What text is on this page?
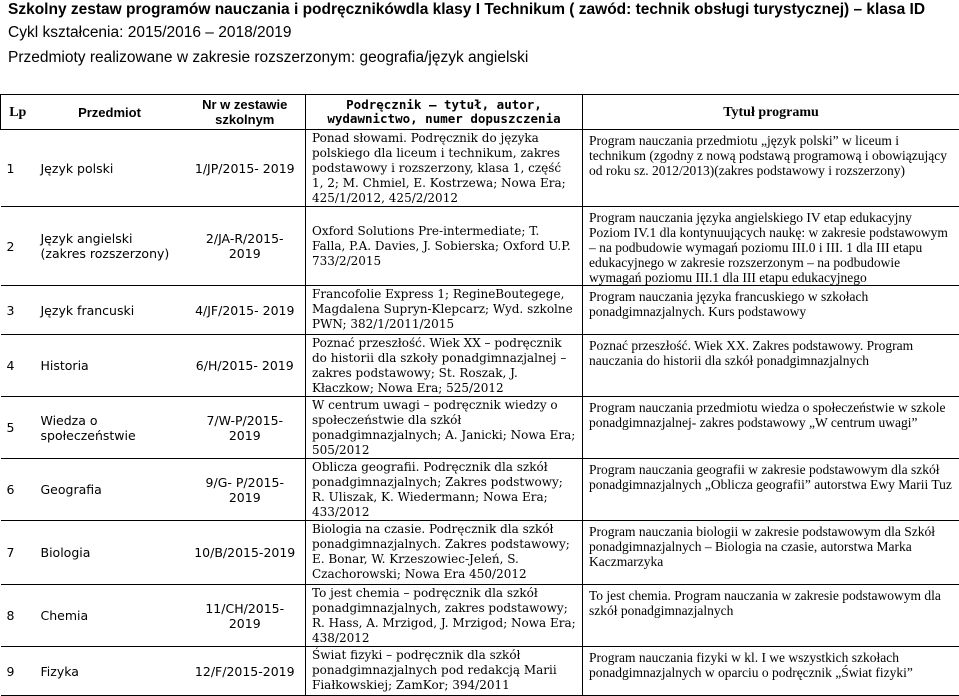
Szkolny zestaw programów nauczania i podręcznikówdla klasy I Technikum ( zawód: technik obsługi turystycznej) – klasa ID
Cykl kształcenia: 2015/2016 – 2018/2019
Przedmioty realizowane w zakresie rozszerzonym: geografia/język angielski
Lp	Przedmiot	Nr w zestawie szkolnym	Podręcznik – tytuł, autor, wydawnictwo, numer dopuszczenia	Tytuł programu
1	Język polski	1/JP/2015- 2019	Ponad słowami. Podręcznik do języka polskiego dla liceum i technikum, zakres podstawowy i rozszerzony, klasa 1, część 1, 2; M. Chmiel, E. Kostrzewa; Nowa Era; 425/1/2012, 425/2/2012	Program nauczania przedmiotu „język polski” w liceum i technikum (zgodny z nową podstawą programową i obowiązujący od roku sz. 2012/2013)(zakres podstawowy i rozszerzony)
2	Język angielski (zakres rozszerzony)	2/JA-R/2015-2019	Oxford Solutions Pre-intermediate; T. Falla, P.A. Davies, J. Sobierska; Oxford U.P. 733/2/2015	Program nauczania języka angielskiego IV etap edukacyjny Poziom IV.1 dla kontynuujących naukę: w zakresie podstawowym – na podbudowie wymagań poziomu III.0 i III. 1 dla III etapu edukacyjnego w zakresie rozszerzonym – na podbudowie wymagań poziomu III.1 dla III etapu edukacyjnego
3	Język francuski	4/JF/2015- 2019	Francofolie Express 1; RegineBoutegege, Magdalena Supryn-Klepcarz; Wyd. szkolne PWN; 382/1/2011/2015	Program nauczania języka francuskiego w szkołach ponadgimnazjalnych. Kurs podstawowy
4	Historia	6/H/2015- 2019	Poznać przeszłość. Wiek XX – podręcznik do historii dla szkoły ponadgimnazjalnej – zakres podstawowy; St. Roszak, J. Kłaczkow; Nowa Era; 525/2012	Poznać przeszłość. Wiek XX. Zakres podstawowy. Program nauczania do historii dla szkół ponadgimnazjalnych
5	Wiedza o społeczeństwie	7/W-P/2015- 2019	W centrum uwagi – podręcznik wiedzy o społeczeństwie dla szkół ponadgimnazjalnych; A. Janicki; Nowa Era; 505/2012	Program nauczania przedmiotu wiedza o społeczeństwie w szkole ponadgimnazjalnej- zakres podstawowy „W centrum uwagi”
6	Geografia	9/G- P/2015- 2019	Oblicza geografii. Podręcznik dla szkół ponadgimnazjalnych; Zakres podstwowy; R. Uliszak, K. Wiedermann; Nowa Era; 433/2012	Program nauczania geografii w zakresie podstawowym dla szkół ponadgimnazjalnych „Oblicza geografii” autorstwa Ewy Marii Tuz
7	Biologia	10/B/2015-2019	Biologia na czasie. Podręcznik dla szkół ponadgimnazjalnych. Zakres podstawowy; E. Bonar, W. Krzeszowiec-Jeleń, S. Czachorowski; Nowa Era 450/2012	Program nauczania biologii w zakresie podstawowym dla Szkół ponadgimnazjalnych – Biologia na czasie, autorstwa Marka Kaczmarzyka
8	Chemia	11/CH/2015-2019	To jest chemia – podręcznik dla szkół ponadgimnazjalnych, zakres podstawowy; R. Hass, A. Mrzigod, J. Mrzigod; Nowa Era; 438/2012	To jest chemia. Program nauczania w zakresie podstawowym dla szkół ponadgimnazjalnych
9	Fizyka	12/F/2015-2019	Świat fizyki – podręcznik dla szkół ponadgimnazjalnych pod redakcją Marii Fiałkowskiej; ZamKor; 394/2011	Program nauczania fizyki w kl. I we wszystkich szkołach ponadgimnazjalnych w oparciu o podręcznik „Świat fizyki”
